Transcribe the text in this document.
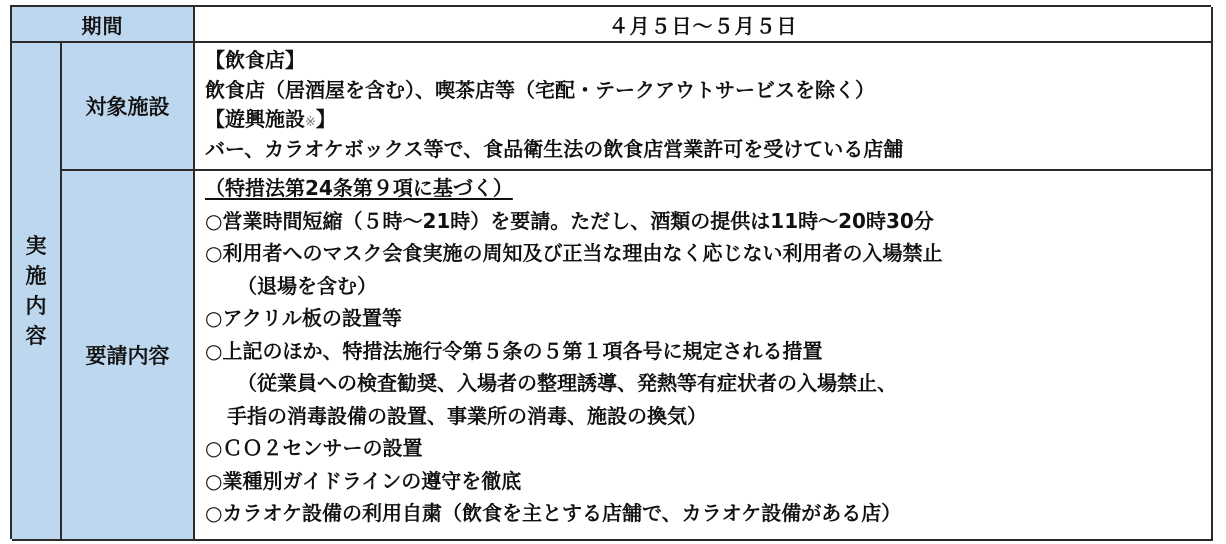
期間	４月５日～５月５日
実
施
内
容
対象施設
【飲食店】
飲食店（居酒屋を含む）、喫茶店等（宅配・テークアウトサービスを除く）
【遊興施設※】
バー、カラオケボックス等で、食品衛生法の飲食店営業許可を受けている店舗
要請内容
（特措法第24条第９項に基づく）
○営業時間短縮（５時～21時）を要請。ただし、酒類の提供は11時～20時30分
○利用者へのマスク会食実施の周知及び正当な理由なく応じない利用者の入場禁止
（退場を含む）
○アクリル板の設置等
○上記のほか、特措法施行令第５条の５第１項各号に規定される措置
（従業員への検査勧奨、入場者の整理誘導、発熱等有症状者の入場禁止、
手指の消毒設備の設置、事業所の消毒、施設の換気）
○ＣＯ２センサーの設置
○業種別ガイドラインの遵守を徹底
○カラオケ設備の利用自粛（飲食を主とする店舗で、カラオケ設備がある店）
